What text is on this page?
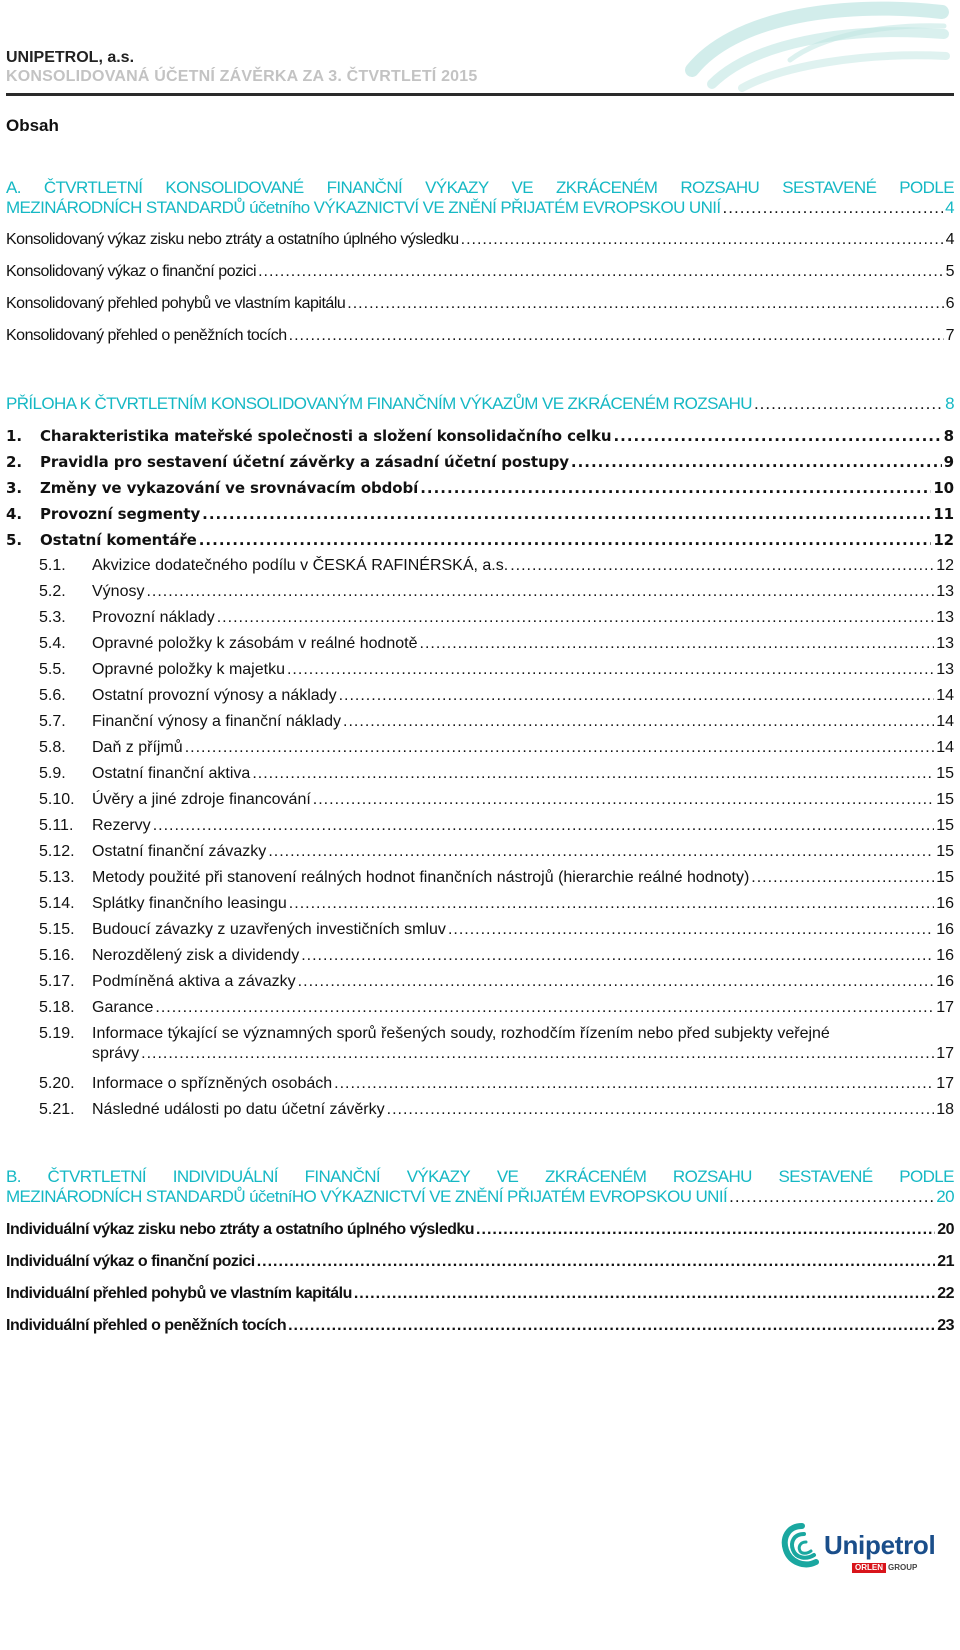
UNIPETROL, a.s.
KONSOLIDOVANÁ ÚČETNÍ ZÁVĚRKA ZA 3. ČTVRTLETÍ 2015
Obsah
A. ČTVRTLETNÍ KONSOLIDOVANÉ FINANČNÍ VÝKAZY VE ZKRÁCENÉM ROZSAHU SESTAVENÉ PODLE
MEZINÁRODNÍCH STANDARDŮ účetního VÝKAZNICTVÍ VE ZNĚNÍ PŘIJATÉM EVROPSKOU UNIÍ .....	4
Konsolidovaný výkaz zisku nebo ztráty a ostatního úplného výsledku .....	4
Konsolidovaný výkaz o finanční pozici .....	5
Konsolidovaný přehled pohybů ve vlastním kapitálu .....	6
Konsolidovaný přehled o peněžních tocích .....	7
PŘÍLOHA K ČTVRTLETNÍM KONSOLIDOVANÝM FINANČNÍM VÝKAZŮM VE ZKRÁCENÉM ROZSAHU .....	8
1.	Charakteristika mateřské společnosti a složení konsolidačního celku .....	8
2.	Pravidla pro sestavení účetní závěrky a zásadní účetní postupy .....	9
3.	Změny ve vykazování ve srovnávacím období .....	10
4.	Provozní segmenty .....	11
5.	Ostatní komentáře .....	12
5.1. Akvizice dodatečného podílu v ČESKÁ RAFINÉRSKÁ, a.s. .....	12
5.2. Výnosy .....	13
5.3. Provozní náklady .....	13
5.4. Opravné položky k zásobám v reálné hodnotě .....	13
5.5. Opravné položky k majetku .....	13
5.6. Ostatní provozní výnosy a náklady .....	14
5.7. Finanční výnosy a finanční náklady .....	14
5.8. Daň z příjmů .....	14
5.9. Ostatní finanční aktiva .....	15
5.10. Úvěry a jiné zdroje financování .....	15
5.11. Rezervy .....	15
5.12. Ostatní finanční závazky .....	15
5.13. Metody použité při stanovení reálných hodnot finančních nástrojů (hierarchie reálné hodnoty) .....	15
5.14. Splátky finančního leasingu .....	16
5.15. Budoucí závazky z uzavřených investičních smluv .....	16
5.16. Nerozdělený zisk a dividendy .....	16
5.17. Podmíněná aktiva a závazky .....	16
5.18. Garance .....	17
5.19. Informace týkající se významných sporů řešených soudy, rozhodčím řízením nebo před subjekty veřejné
správy .....	17
5.20. Informace o spřízněných osobách .....	17
5.21. Následné události po datu účetní závěrky .....	18
B. ČTVRTLETNÍ INDIVIDUÁLNÍ FINANČNÍ VÝKAZY VE ZKRÁCENÉM ROZSAHU SESTAVENÉ PODLE
MEZINÁRODNÍCH STANDARDŮ účetníHO VÝKAZNICTVÍ VE ZNĚNÍ PŘIJATÉM EVROPSKOU UNIÍ .....	20
Individuální výkaz zisku nebo ztráty a ostatního úplného výsledku .....	20
Individuální výkaz o finanční pozici .....	21
Individuální přehled pohybů ve vlastním kapitálu .....	22
Individuální přehled o peněžních tocích .....	23
Unipetrol
ORLEN GROUP
